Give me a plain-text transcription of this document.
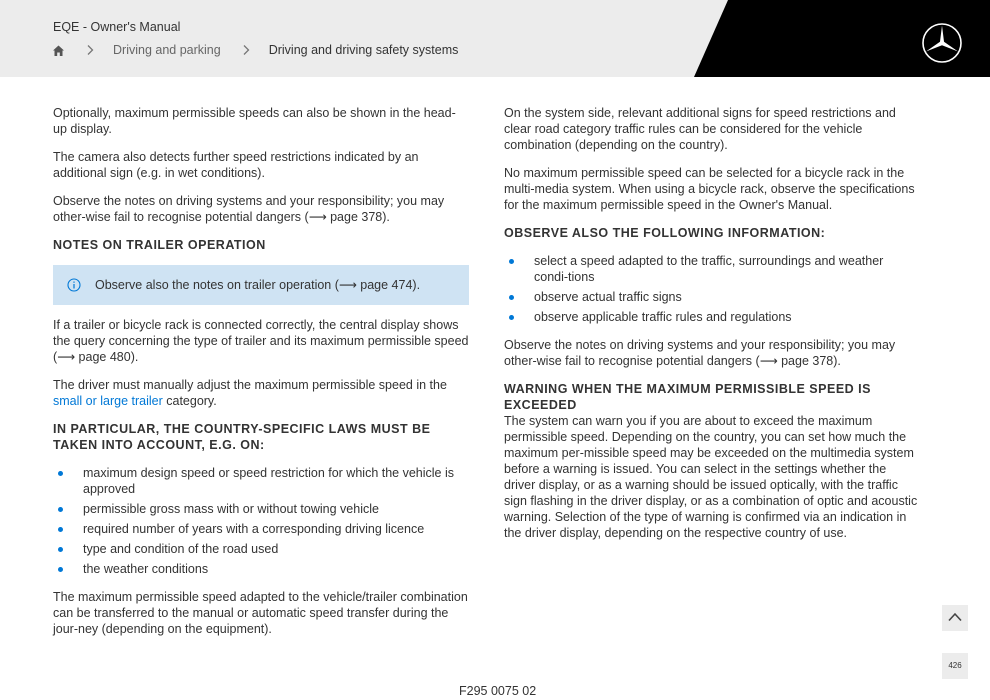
EQE - Owner's Manual
Driving and parking	Driving and driving safety systems

Optionally, maximum permissible speeds can also be shown in the head-up display.

The camera also detects further speed restrictions indicated by an additional sign (e.g. in wet conditions).

Observe the notes on driving systems and your responsibility; you may other-wise fail to recognise potential dangers (⟶ page 378).

NOTES ON TRAILER OPERATION
Observe also the notes on trailer operation (⟶ page 474).

If a trailer or bicycle rack is connected correctly, the central display shows the query concerning the type of trailer and its maximum permissible speed (⟶ page 480).

The driver must manually adjust the maximum permissible speed in the small or large trailer category.

IN PARTICULAR, THE COUNTRY-SPECIFIC LAWS MUST BE TAKEN INTO ACCOUNT, E.G. ON:
maximum design speed or speed restriction for which the vehicle is approved
permissible gross mass with or without towing vehicle
required number of years with a corresponding driving licence
type and condition of the road used
the weather conditions

The maximum permissible speed adapted to the vehicle/trailer combination can be transferred to the manual or automatic speed transfer during the jour-ney (depending on the equipment).

On the system side, relevant additional signs for speed restrictions and clear road category traffic rules can be considered for the vehicle combination (depending on the country).

No maximum permissible speed can be selected for a bicycle rack in the multi-media system. When using a bicycle rack, observe the specifications for the maximum permissible speed in the Owner's Manual.

OBSERVE ALSO THE FOLLOWING INFORMATION:
select a speed adapted to the traffic, surroundings and weather condi-tions
observe actual traffic signs
observe applicable traffic rules and regulations

Observe the notes on driving systems and your responsibility; you may other-wise fail to recognise potential dangers (⟶ page 378).

WARNING WHEN THE MAXIMUM PERMISSIBLE SPEED IS EXCEEDED

The system can warn you if you are about to exceed the maximum permissible speed. Depending on the country, you can set how much the maximum per-missible speed may be exceeded on the multimedia system before a warning is issued. You can select in the settings whether the driver display, or as a warning should be issued optically, with the traffic sign flashing in the driver display, or as a combination of optic and acoustic warning. Selection of the type of warning is confirmed via an indication in the driver display, depending on the respective country of use.

F295 0075 02
426
